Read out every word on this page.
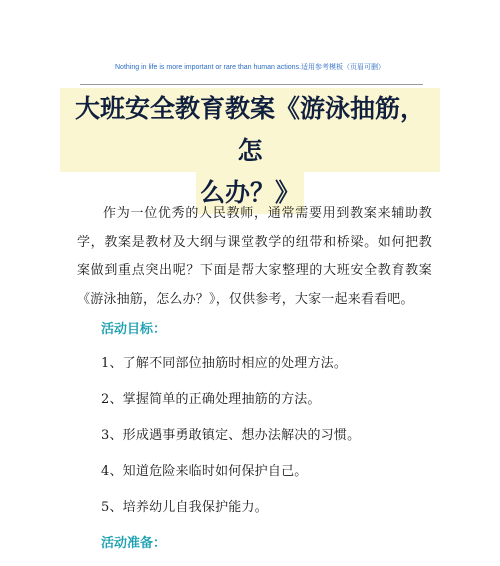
Nothing in life is more important or rare than human actions.适用参考模板（页眉可删）
大班安全教育教案《游泳抽筋，怎
么办？》

作为一位优秀的人民教师，通常需要用到教案来辅助教学，教案是教材及大纲与课堂教学的纽带和桥梁。如何把教案做到重点突出呢？下面是帮大家整理的大班安全教育教案《游泳抽筋，怎么办？》，仅供参考，大家一起来看看吧。

活动目标：

1、了解不同部位抽筋时相应的处理方法。

2、掌握简单的正确处理抽筋的方法。

3、形成遇事勇敢镇定、想办法解决的习惯。

4、知道危险来临时如何保护自己。

5、培养幼儿自我保护能力。

活动准备：
